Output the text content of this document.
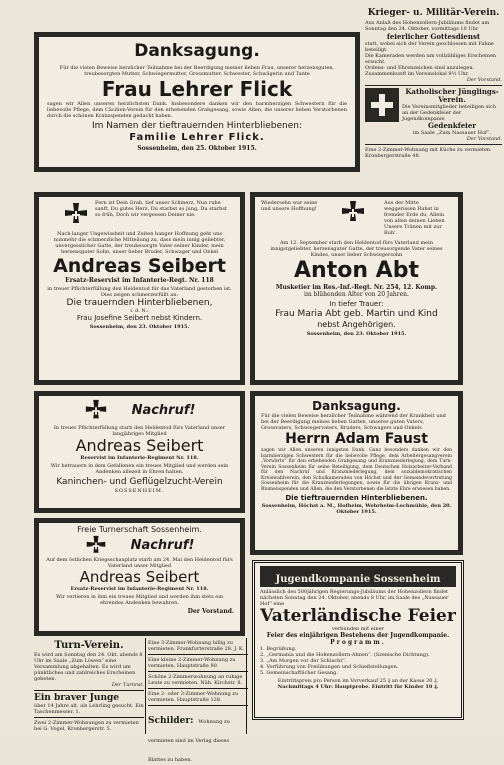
Danksagung.
Für die vielen Beweise herzlicher Teilnahme bei der Beerdigung meiner lieben Frau, unserer herzensguten, treubesorgten Mutter, Schwiegermutter, Grossmutter, Schwester, Schwägerin und Tante
Frau Lehrer Flick
sagen wir Allen unseren herzlichsten Dank. Insbesondere danken wir den barmherzigen Schwestern für die liebevolle Pflege, dem Cäcilien-Verein für den erhebenden Grabgesang, sowie Allen, die unserer lieben Verstorbenen durch die schönen Kranzspenden gedacht haben.
Im Namen der tieftrauernden Hinterbliebenen:
Familie Lehrer Flick.
Sossenheim, den 25. Oktober 1915.
Krieger- u. Militär-Verein.
Aus Anlaß des Hohenzollern-Jubiläums findet am Sonntag den 24. Oktober, vormittags 10 Uhr
feierlicher Gottesdienst
statt, wobei sich der Verein geschlossen mit Fahne beteiligt.
Die Kameraden werden um vollzähliges Erscheinen ersucht.
Ordens- und Ehrenzeichen sind anzulegen. Zusammenkunft im Vereinslokal 9½ Uhr.
Der Vorstand.
Katholischer Jünglings-Verein.
Die Vereinsmitglieder beteiligen sich an der Gedenkfeier der Jugendkompanie
Gedenkfeier
im Saale „Zum Nassauer Hof“.
Der Vorstand.
Eine 2-Zimmer-Wohnung mit Küche zu vermieten. Kronbergerstraße 48.
Fern ist Dein Grab, tief unser Schmerz, Nun ruhe sanft, Du gutes Herz, Du starbst so jung, Du starbst so früh, Doch wir vergessen Deiner nie.
Nach langer Ungewissheit und Zeiten banger Hoffnung geht uns nunmehr die schmerzliche Mitteilung zu, dass mein innig geliebter, unvergesslicher Gatte, der treubesorgte Vater seiner Kinder, mein herzensguter Sohn, unser lieber Bruder, Schwager und Onkel
Andreas Seibert
Ersatz-Reservist im Infanterie-Regt. Nr. 118
in treuer Pflichterfüllung den Heldentod für das Vaterland gestorben ist.
Dies zeigen schmerzerfüllt an:
Die trauernden Hinterbliebenen,
i. d. N.:
Frau Josefine Seibert nebst Kindern.
Sossenheim, den 23. Oktober 1915.
Wiedersehn war seine und unsere Hoffnung!
Aus der Mitte weggerissen Ruhst in fremder Erde du, Allein von allen deinen Lieben Unsere Tränen mit zur Ruh'.
Am 12. September starb den Heldentod fürs Vaterland mein innigstgeliebter, herzensguter Gatte, der treusorgende Vater seines Kindes, unser lieber Schwiegersohn
Anton Abt
Musketier im Res.-Inf.-Regt. Nr. 254, 12. Komp.
im blühenden Alter von 20 Jahren.
In tiefer Trauer:
Frau Maria Abt geb. Martin und Kind
nebst Angehörigen.
Sossenheim, den 23. Oktober 1915.
Nachruf!
In treuer Pflichterfüllung starb den Heldentod fürs Vaterland unser langjähriges Mitglied
Andreas Seibert
Reservist im Infanterie-Regiment Nr. 118.
Wir betrauern in dem Gefallenen ein treues Mitglied und werden sein Andenken allezeit in Ehren halten.
Kaninchen- und Geflügelzucht-Verein
SOSSENHEIM.
Freie Turnerschaft Sossenheim.
Nachruf!
Auf dem östlichen Kriegsschauplatz starb am 24. Mai den Heldentod fürs Vaterland unser Mitglied
Andreas Seibert
Ersatz-Reservist im Infanterie-Regiment Nr. 118.
Wir verlieren in ihm ein treues Mitglied und werden ihm stets ein ehrendes Andenken bewahren.
Der Vorstand.
Danksagung.
Für die vielen Beweise herzlicher Teilnahme während der Krankheit und bei der Beerdigung meines lieben Gatten, unseres guten Vaters, Grossvaters, Schwiegervaters, Bruders, Schwagers und Onkels
Herrn Adam Faust
sagen wir Allen unseren innigsten Dank. Ganz besonders danken wir den barmherzigen Schwestern für die liebevolle Pflege, dem Arbeitergesangverein „Vorwärts“ für den erhebenden Grabgesang und Kranzniederlegung, dem Turn-Verein Sossenheim für seine Beteiligung, dem Deutschen Holzarbeiter-Verband für den Nachruf und Kranzniederlegung, dem sozialdemokratischen Kreiswahlverein, den Schulkameraden von Höchst und der Gemeindevertretung Sossenheim für die Kranzniederlegungen, sowie für die übrigen Kranz- und Blumenspenden und Allen, die den Verstorbenen die letzte Ehre erwiesen haben.
Die tieftrauernden Hinterbliebenen.
Sossenheim, Höchst a. M., Hofheim, Wehrheim-Lochmühle, den 20. Oktober 1915.
Jugendkompanie Sossenheim
Anlässlich des 500jährigen Regierungs-Jubiläums der Hohenzollern findet nächsten Sonntag den 24. Oktober, abends 8 Uhr, im Saale des „Nassauer Hof“ eine
Vaterländische Feier
verbunden mit einer
Feier des einjährigen Bestehens der Jugendkompanie.
Programm.
1. Begrüßung.
2. „Germania und die Hohenzollern-Ahnen“. (Szenische Dichtung).
3. „Am Morgen vor der Schlacht“.
4. Vorführung von Freiübungen und Schießstellungen.
5. Gemeinschaftlicher Gesang.
Eintrittspreis pro Person im Vorverkauf 25 ₰ an der Kasse 30 ₰.
Nachmittags 4 Uhr: Hauptprobe. Eintritt für Kinder 10 ₰.
Turn-Verein.
Es wird am Sonntag den 24. Okt. abends 8 Uhr im Saale „Zum Löwen“ eine Versammlung abgehalten. Es wird um pünktliches und zahlreiches Erscheinen gebeten.
Der Turnrat.
Ein braver Junge
über 14 Jahre alt, als Lehrling gesucht. Ein Taschenmesser. 1.
Zwei 2-Zimmer-Wohnungen zu vermieten bei G. Vogel, Kronbergerstr. 5.
Eine 3-Zimmer-Wohnung billig zu vermieten. Frankfurterstraße 28. J. K.
Eine kleine 2-Zimmer-Wohnung zu vermieten. Hauptstraße 80.
Schöne 2-Zimmerwohnung an ruhige Leute zu vermieten. Näh. Kirchstr. 8.
Eine 2- oder 3-Zimmer-Wohnung zu vermieten. Hauptstraße 128.
Schilder: Wohnung zu vermieten sind im Verlag dieses Blattes zu haben.
